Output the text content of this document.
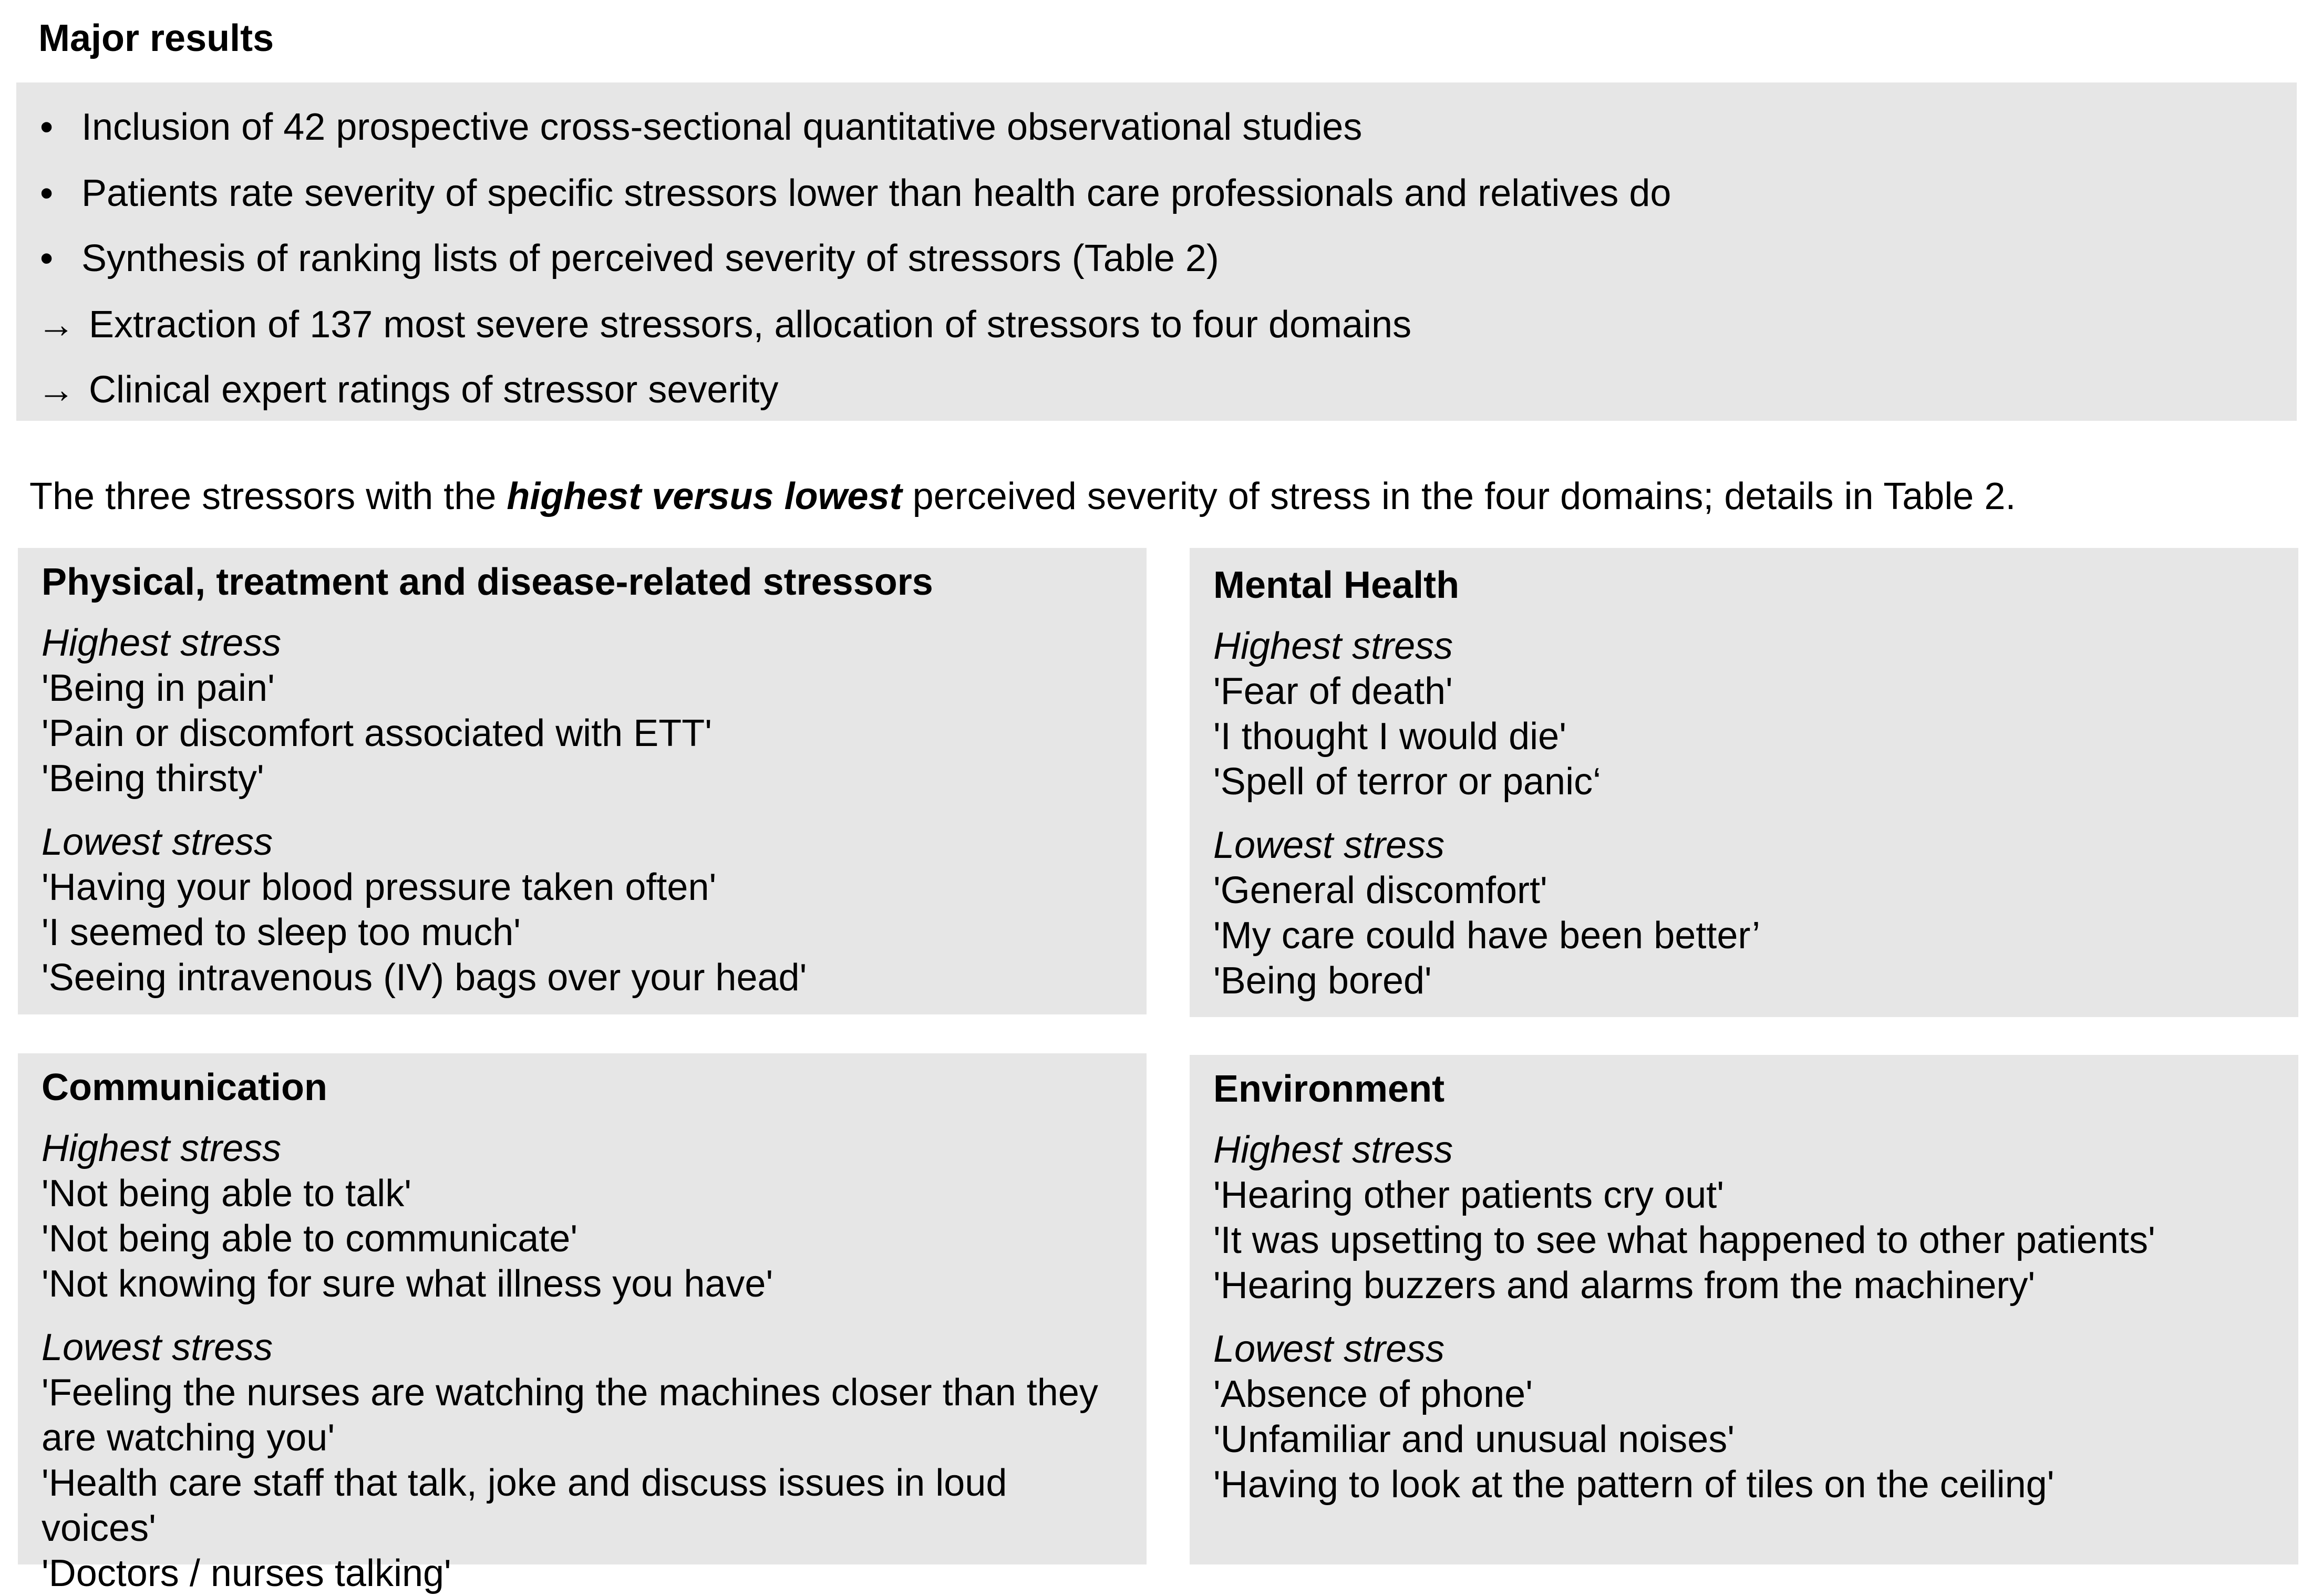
Major results
• Inclusion of 42 prospective cross-sectional quantitative observational studies
• Patients rate severity of specific stressors lower than health care professionals and relatives do
• Synthesis of ranking lists of perceived severity of stressors (Table 2)
→ Extraction of 137 most severe stressors, allocation of stressors to four domains
→ Clinical expert ratings of stressor severity

The three stressors with the highest versus lowest perceived severity of stress in the four domains; details in Table 2.

Physical, treatment and disease-related stressors

Highest stress

'Being in pain'
'Pain or discomfort associated with ETT'
'Being thirsty'

Lowest stress

'Having your blood pressure taken often'
'I seemed to sleep too much'
'Seeing intravenous (IV) bags over your head'
Mental Health

Highest stress

'Fear of death'
'I thought I would die'
'Spell of terror or panic‘

Lowest stress

'General discomfort'
'My care could have been better’
'Being bored'
Communication

Highest stress

'Not being able to talk'
'Not being able to communicate'
'Not knowing for sure what illness you have'

Lowest stress

'Feeling the nurses are watching the machines closer than they are watching you'
'Health care staff that talk, joke and discuss issues in loud voices'
'Doctors / nurses talking'
Environment

Highest stress

'Hearing other patients cry out'
'It was upsetting to see what happened to other patients'
'Hearing buzzers and alarms from the machinery'

Lowest stress

'Absence of phone'
'Unfamiliar and unusual noises'
'Having to look at the pattern of tiles on the ceiling'
